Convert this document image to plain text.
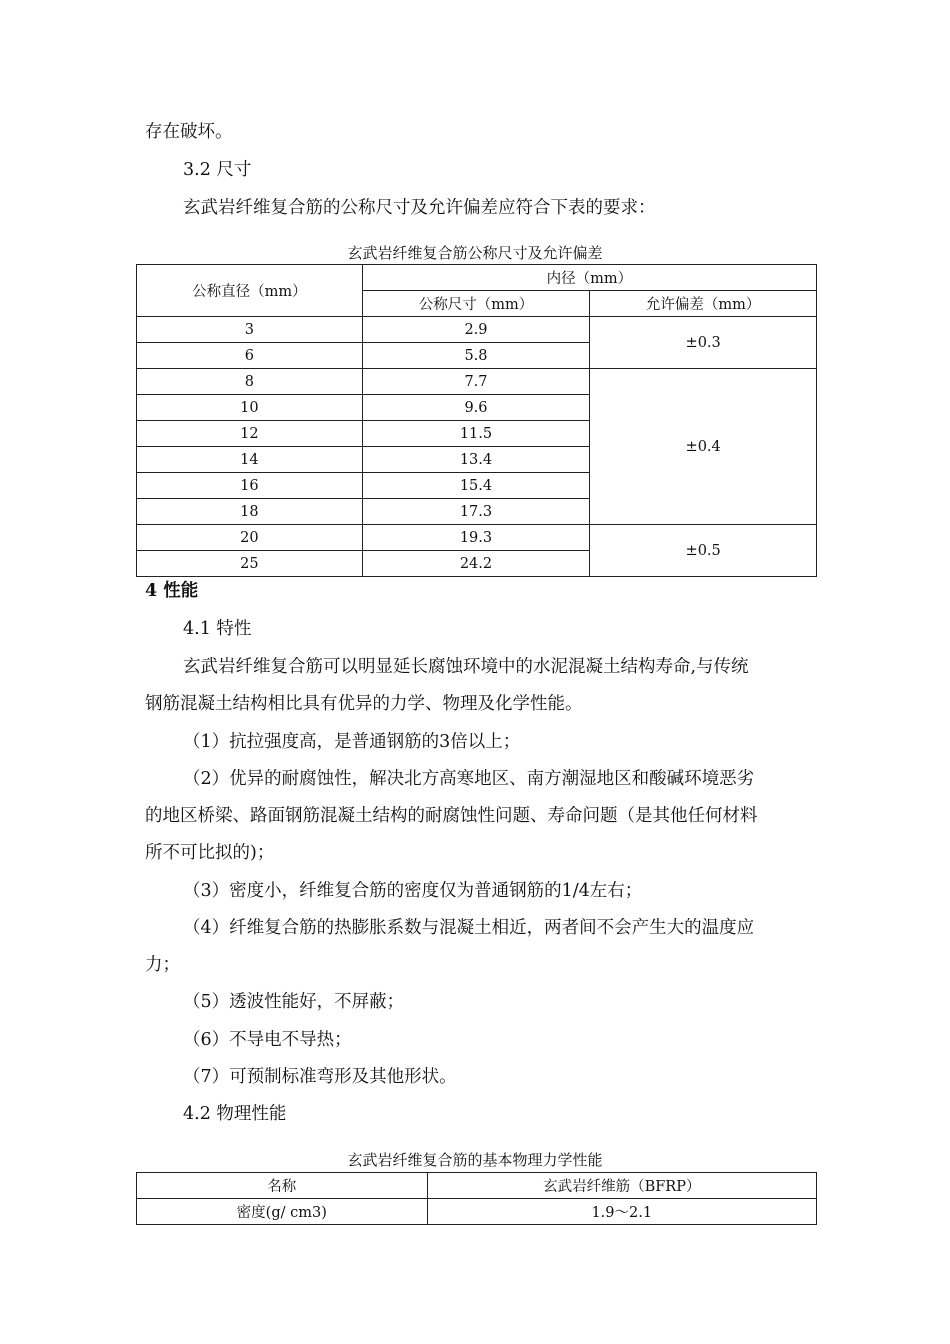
存在破坏。
3.2 尺寸
玄武岩纤维复合筋的公称尺寸及允许偏差应符合下表的要求：
玄武岩纤维复合筋公称尺寸及允许偏差
公称直径（mm）	内径（mm）	
	公称尺寸（mm）	允许偏差（mm）
3	2.9	±0.3
6	5.8	
8	7.7	±0.4
10	9.6	
12	11.5	
14	13.4	
16	15.4	
18	17.3	
20	19.3	±0.5
25	24.2	
4 性能
4.1 特性
玄武岩纤维复合筋可以明显延长腐蚀环境中的水泥混凝土结构寿命,与传统
钢筋混凝土结构相比具有优异的力学、物理及化学性能。
（1）抗拉强度高，是普通钢筋的3倍以上；
（2）优异的耐腐蚀性，解决北方高寒地区、南方潮湿地区和酸碱环境恶劣
的地区桥梁、路面钢筋混凝土结构的耐腐蚀性问题、寿命问题（是其他任何材料
所不可比拟的)；
（3）密度小，纤维复合筋的密度仅为普通钢筋的1/4左右；
（4）纤维复合筋的热膨胀系数与混凝土相近，两者间不会产生大的温度应
力；
（5）透波性能好，不屏蔽；
（6）不导电不导热；
（7）可预制标准弯形及其他形状。
4.2 物理性能
玄武岩纤维复合筋的基本物理力学性能
名称	玄武岩纤维筋（BFRP）
密度(g/ cm3)	1.9～2.1
